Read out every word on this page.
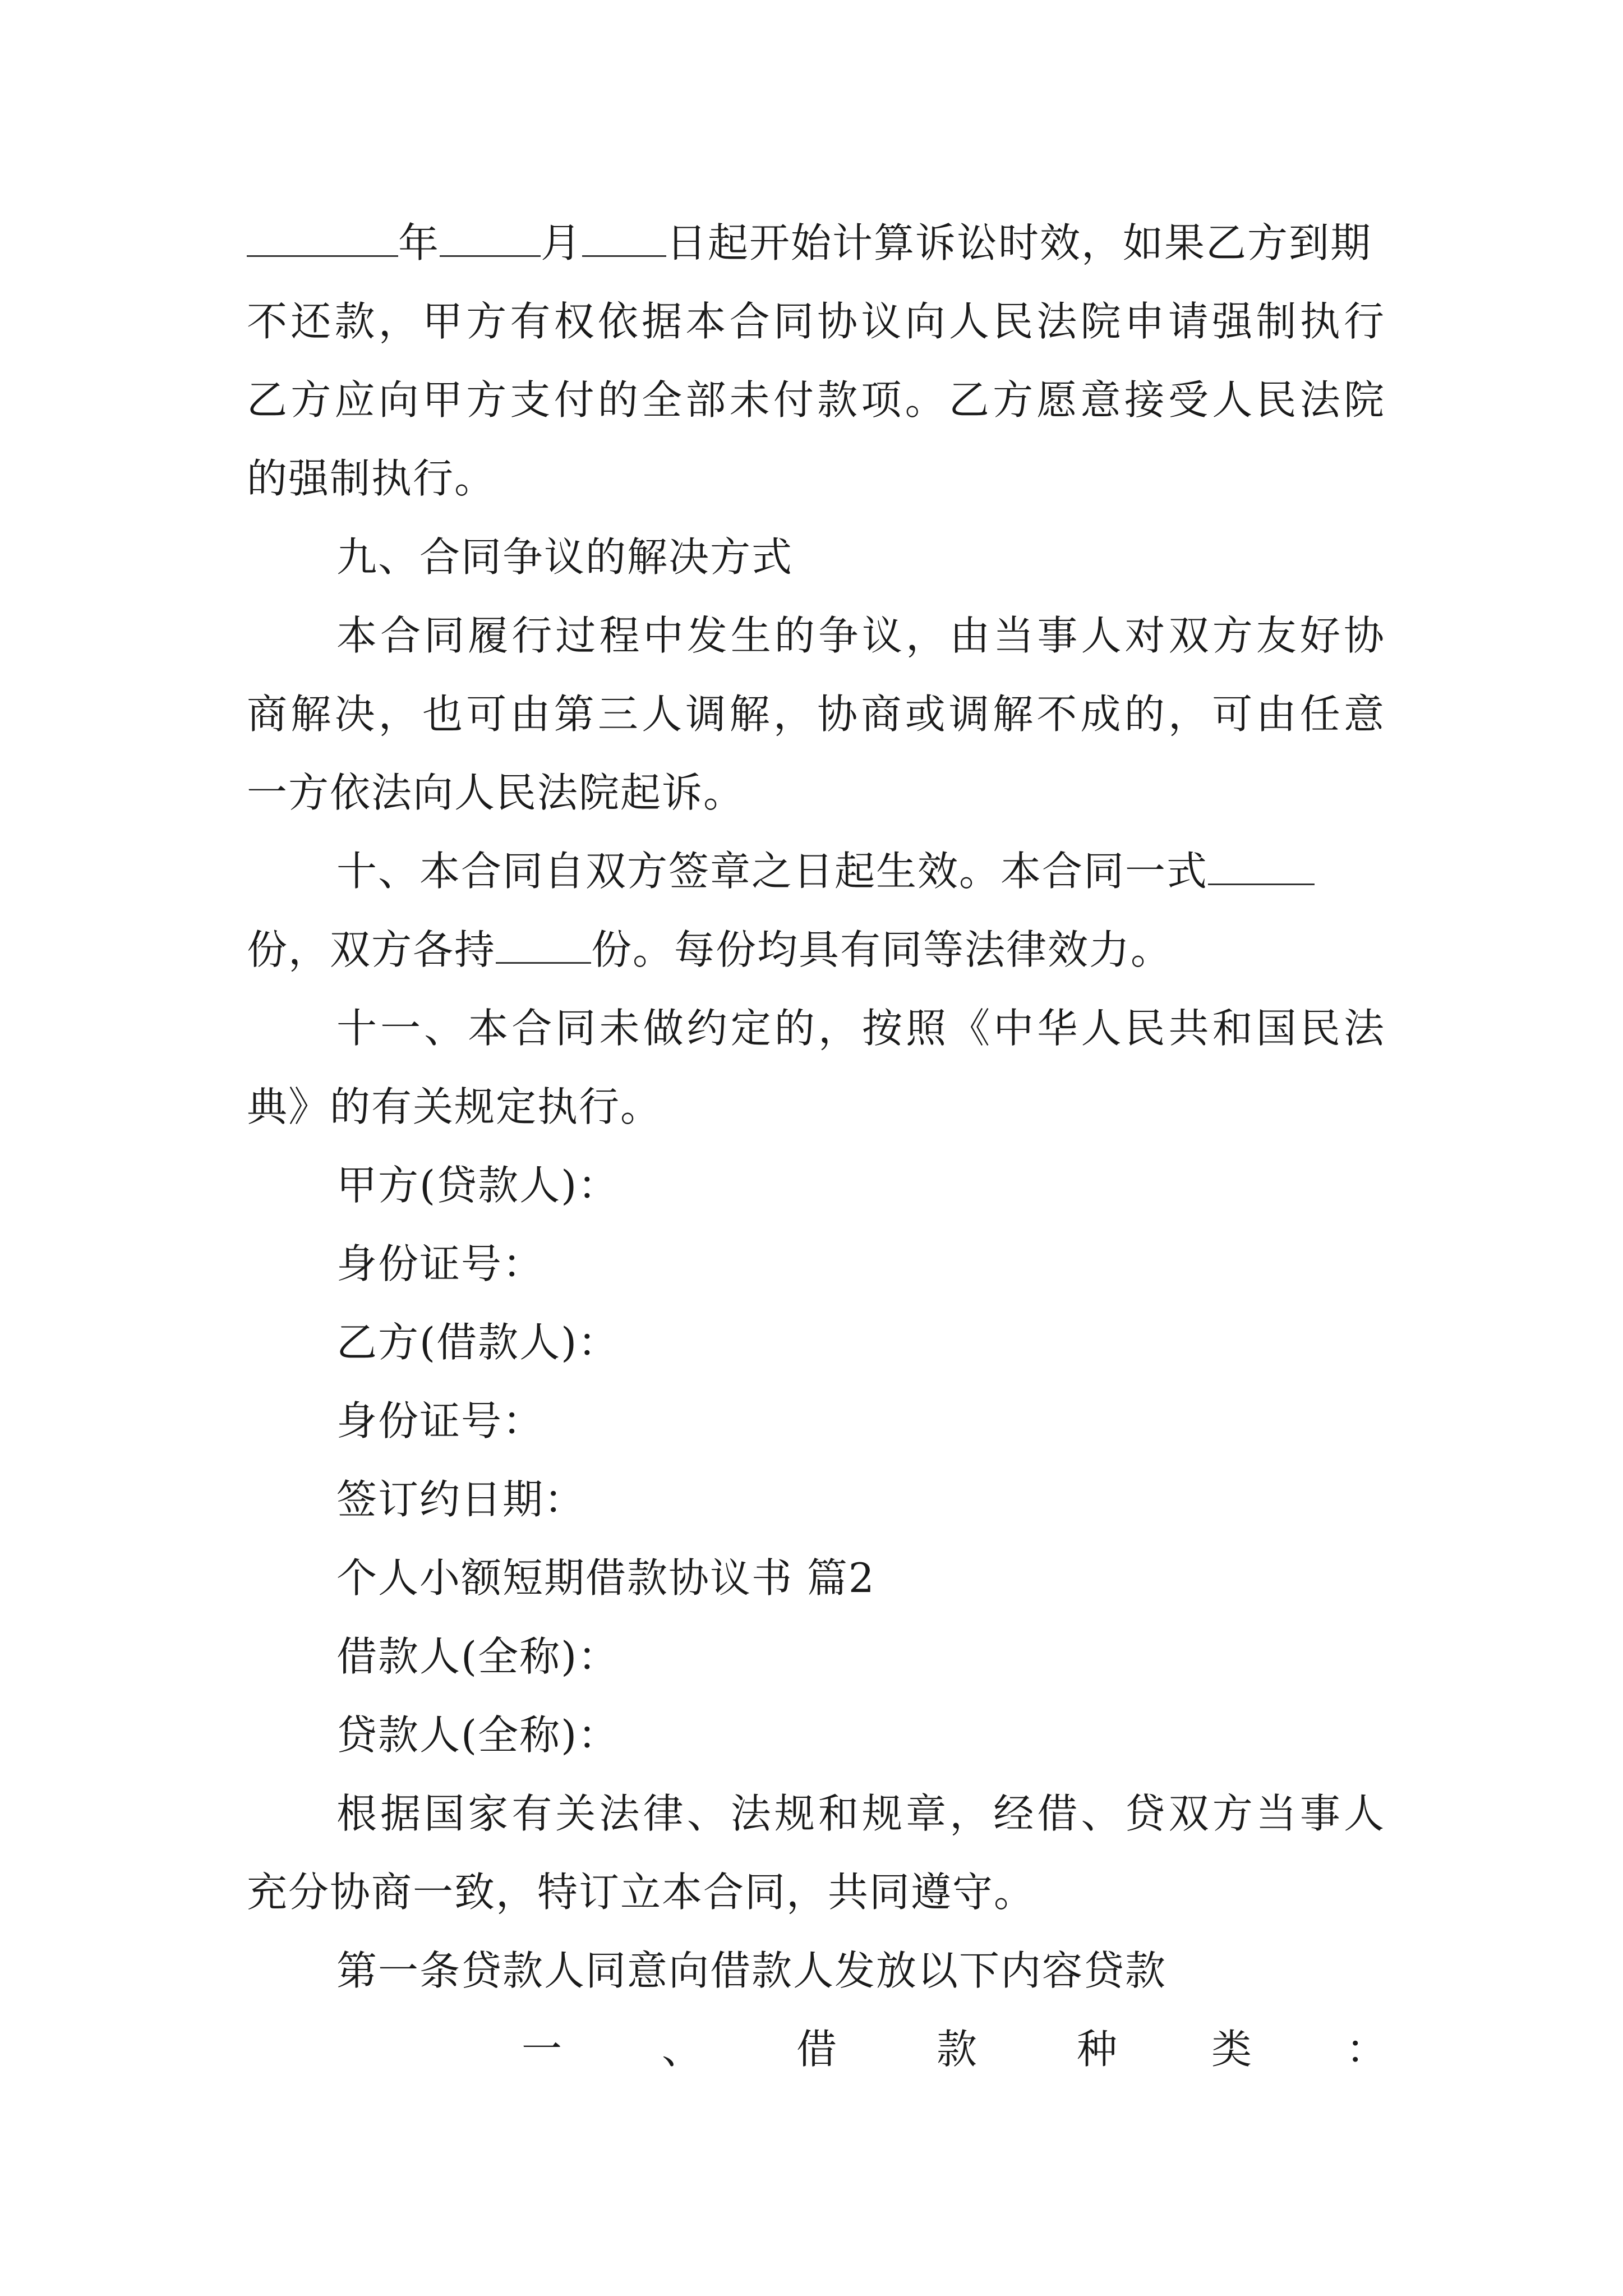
年	月 日起开始计算诉讼时效，如果乙方到期
不还款，甲方有权依据本合同协议向人民法院申请强制执行
乙方应向甲方支付的全部未付款项。乙方愿意接受人民法院
的强制执行。
九、合同争议的解决方式
本合同履行过程中发生的争议，由当事人对双方友好协
商解决，也可由第三人调解，协商或调解不成的，可由任意
一方依法向人民法院起诉。
十、本合同自双方签章之日起生效。本合同一式
份，双方各持 份。每份均具有同等法律效力。
十一、本合同未做约定的，按照《中华人民共和国民法
典》的有关规定执行。
甲方(贷款人)：
身份证号：
乙方(借款人)：
身份证号：
签订约日期：
个人小额短期借款协议书 篇2
借款人(全称)：
贷款人(全称)：
根据国家有关法律、法规和规章，经借、贷双方当事人
充分协商一致，特订立本合同，共同遵守。
第一条贷款人同意向借款人发放以下内容贷款
一 、 借 款 种 类 ：
